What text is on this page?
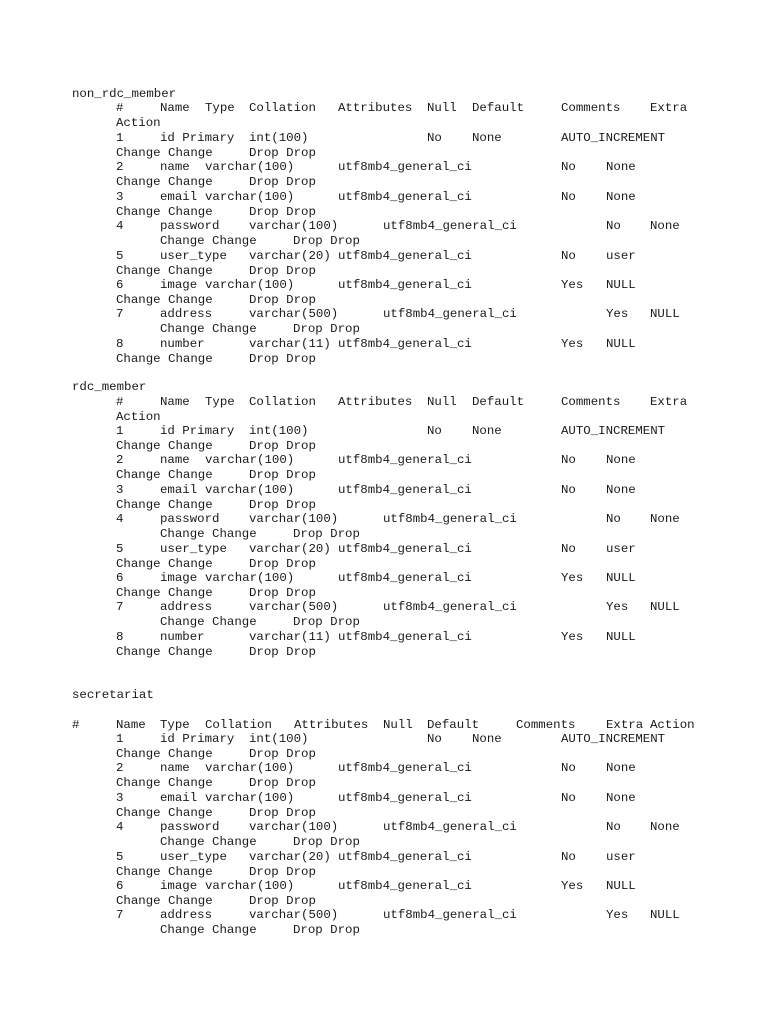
non_rdc_member
#	Name Type Collation Attributes Null Default	Comments Extra
Action
1	id Primary int(100)	No None	AUTO_INCREMENT
Change Change	Drop Drop
2	name varchar(100)	utf8mb4_general_ci	No None
Change Change	Drop Drop
3	email varchar(100)	utf8mb4_general_ci	No None
Change Change	Drop Drop
4	password varchar(100)	utf8mb4_general_ci	No None
Change Change	Drop Drop
5	user_type varchar(20) utf8mb4_general_ci	No user
Change Change	Drop Drop
6	image varchar(100)	utf8mb4_general_ci	Yes NULL
Change Change	Drop Drop
7	address	varchar(500)	utf8mb4_general_ci	Yes NULL
Change Change	Drop Drop
8	number	varchar(11) utf8mb4_general_ci	Yes NULL
Change Change	Drop Drop
rdc_member
#	Name Type Collation Attributes Null Default	Comments Extra
Action
1	id Primary int(100)	No None	AUTO_INCREMENT
Change Change	Drop Drop
2	name varchar(100)	utf8mb4_general_ci	No None
Change Change	Drop Drop
3	email varchar(100)	utf8mb4_general_ci	No None
Change Change	Drop Drop
4	password varchar(100)	utf8mb4_general_ci	No None
Change Change	Drop Drop
5	user_type varchar(20) utf8mb4_general_ci	No user
Change Change	Drop Drop
6	image varchar(100)	utf8mb4_general_ci	Yes NULL
Change Change	Drop Drop
7	address	varchar(500)	utf8mb4_general_ci	Yes NULL
Change Change	Drop Drop
8	number	varchar(11) utf8mb4_general_ci	Yes NULL
Change Change	Drop Drop
secretariat
#	Name Type Collation Attributes Null Default	Comments Extra Action
1	id Primary int(100)	No None	AUTO_INCREMENT
Change Change	Drop Drop
2	name varchar(100)	utf8mb4_general_ci	No None
Change Change	Drop Drop
3	email varchar(100)	utf8mb4_general_ci	No None
Change Change	Drop Drop
4	password varchar(100)	utf8mb4_general_ci	No None
Change Change	Drop Drop
5	user_type varchar(20) utf8mb4_general_ci	No user
Change Change	Drop Drop
6	image varchar(100)	utf8mb4_general_ci	Yes NULL
Change Change	Drop Drop
7	address	varchar(500)	utf8mb4_general_ci	Yes NULL
Change Change	Drop Drop
